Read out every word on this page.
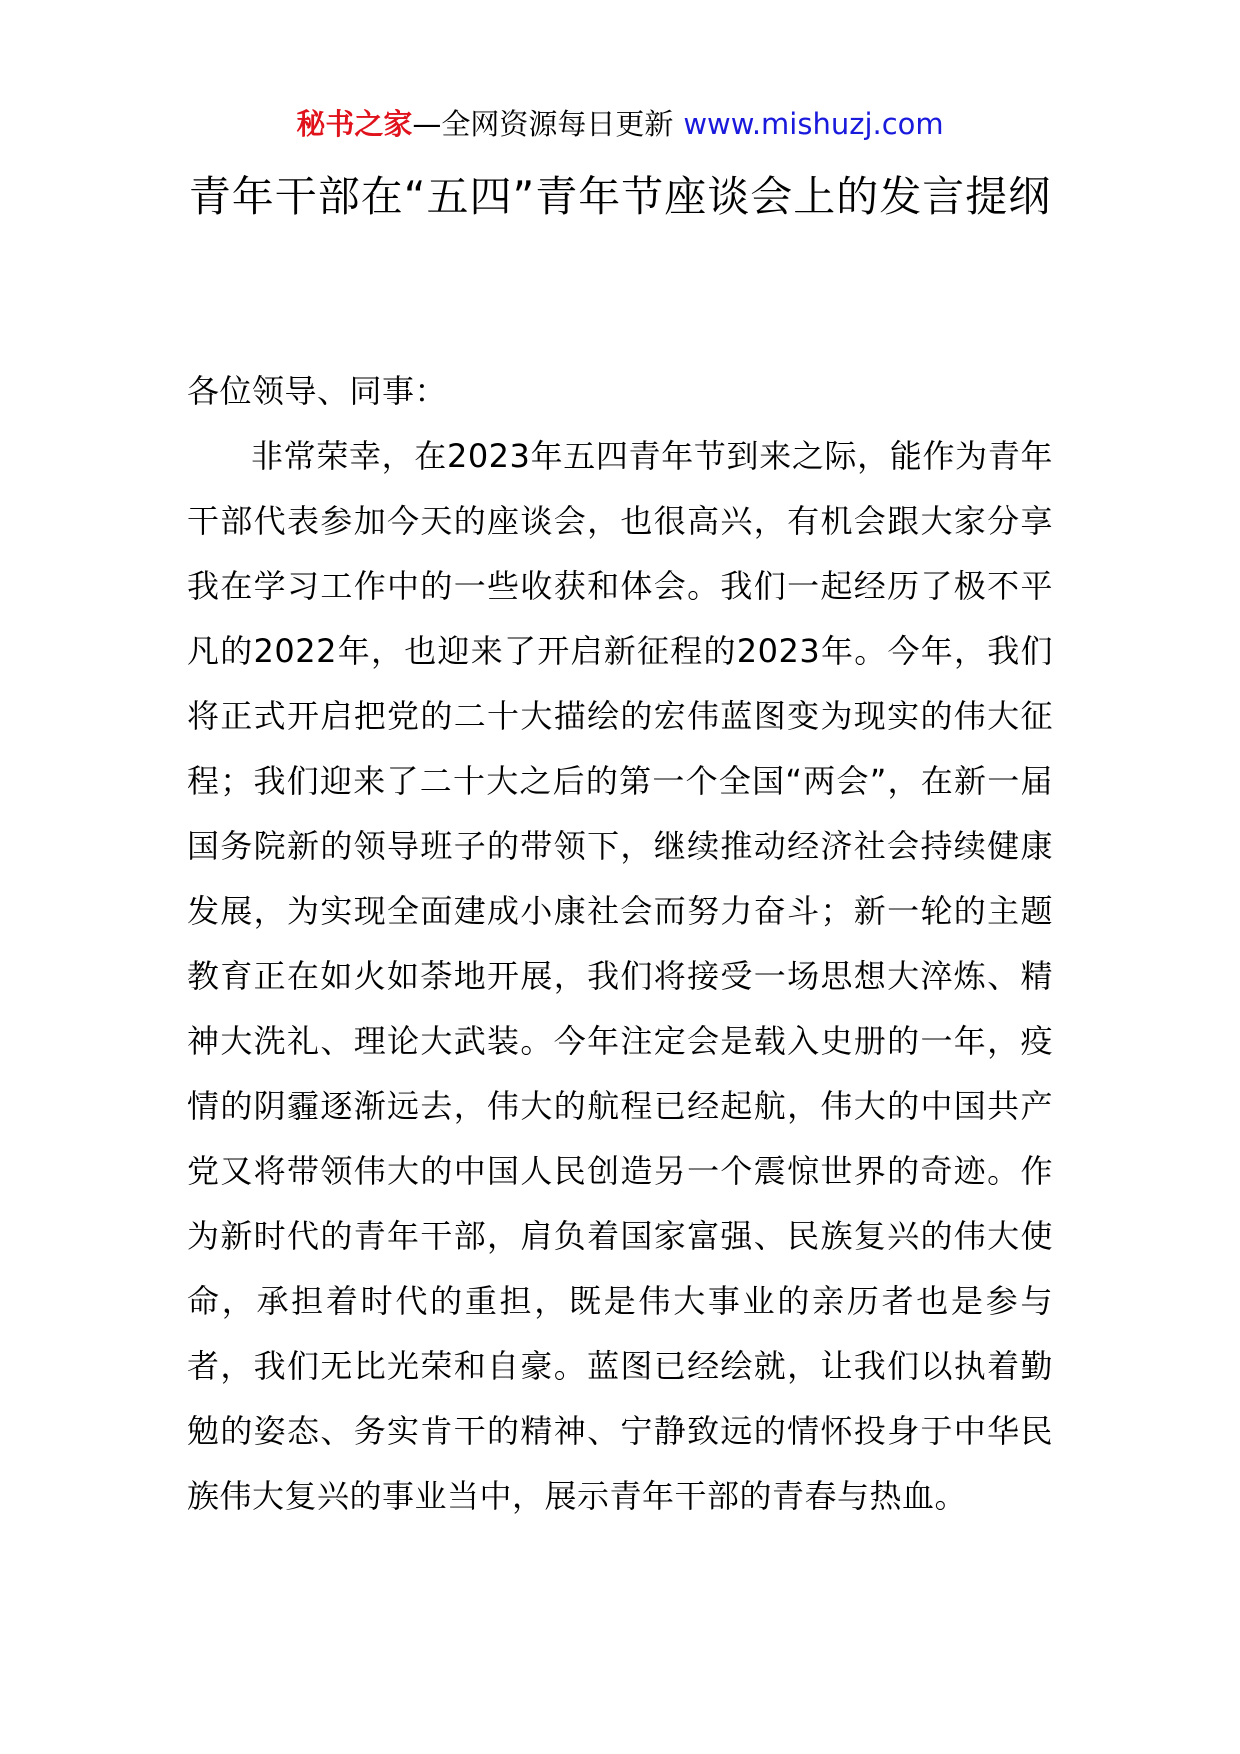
秘书之家—全网资源每日更新 www.mishuzj.com
青年干部在“五四”青年节座谈会上的发言提纲

各位领导、同事：

非常荣幸，在2023年五四青年节到来之际，能作为青年干部代表参加今天的座谈会，也很高兴，有机会跟大家分享我在学习工作中的一些收获和体会。我们一起经历了极不平凡的2022年，也迎来了开启新征程的2023年。今年，我们将正式开启把党的二十大描绘的宏伟蓝图变为现实的伟大征程；我们迎来了二十大之后的第一个全国“两会”，在新一届国务院新的领导班子的带领下，继续推动经济社会持续健康发展，为实现全面建成小康社会而努力奋斗；新一轮的主题教育正在如火如荼地开展，我们将接受一场思想大淬炼、精神大洗礼、理论大武装。今年注定会是载入史册的一年，疫情的阴霾逐渐远去，伟大的航程已经起航，伟大的中国共产党又将带领伟大的中国人民创造另一个震惊世界的奇迹。作为新时代的青年干部，肩负着国家富强、民族复兴的伟大使命，承担着时代的重担，既是伟大事业的亲历者也是参与者，我们无比光荣和自豪。蓝图已经绘就，让我们以执着勤勉的姿态、务实肯干的精神、宁静致远的情怀投身于中华民族伟大复兴的事业当中，展示青年干部的青春与热血。
